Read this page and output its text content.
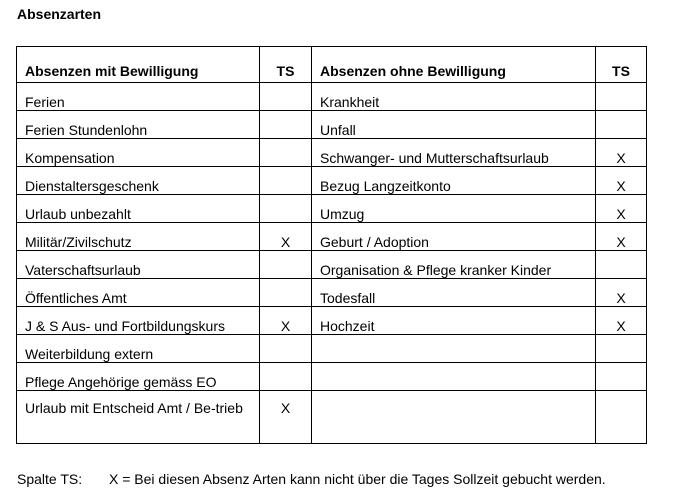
Absenzarten
Absenzen mit Bewilligung	TS	Absenzen ohne Bewilligung	TS
Ferien		Krankheit	
Ferien Stundenlohn		Unfall	
Kompensation		Schwanger- und Mutterschaftsurlaub	X
Dienstaltersgeschenk		Bezug Langzeitkonto	X
Urlaub unbezahlt		Umzug	X
Militär/Zivilschutz	X	Geburt / Adoption	X
Vaterschaftsurlaub		Organisation & Pflege kranker Kinder	
Öffentliches Amt		Todesfall	X
J & S Aus- und Fortbildungskurs	X	Hochzeit	X
Weiterbildung extern			
Pflege Angehörige gemäss EO			

Urlaub mit Entscheid Amt / Be-trieb	X		

Spalte TS: X = Bei diesen Absenz Arten kann nicht über die Tages Sollzeit gebucht werden.
